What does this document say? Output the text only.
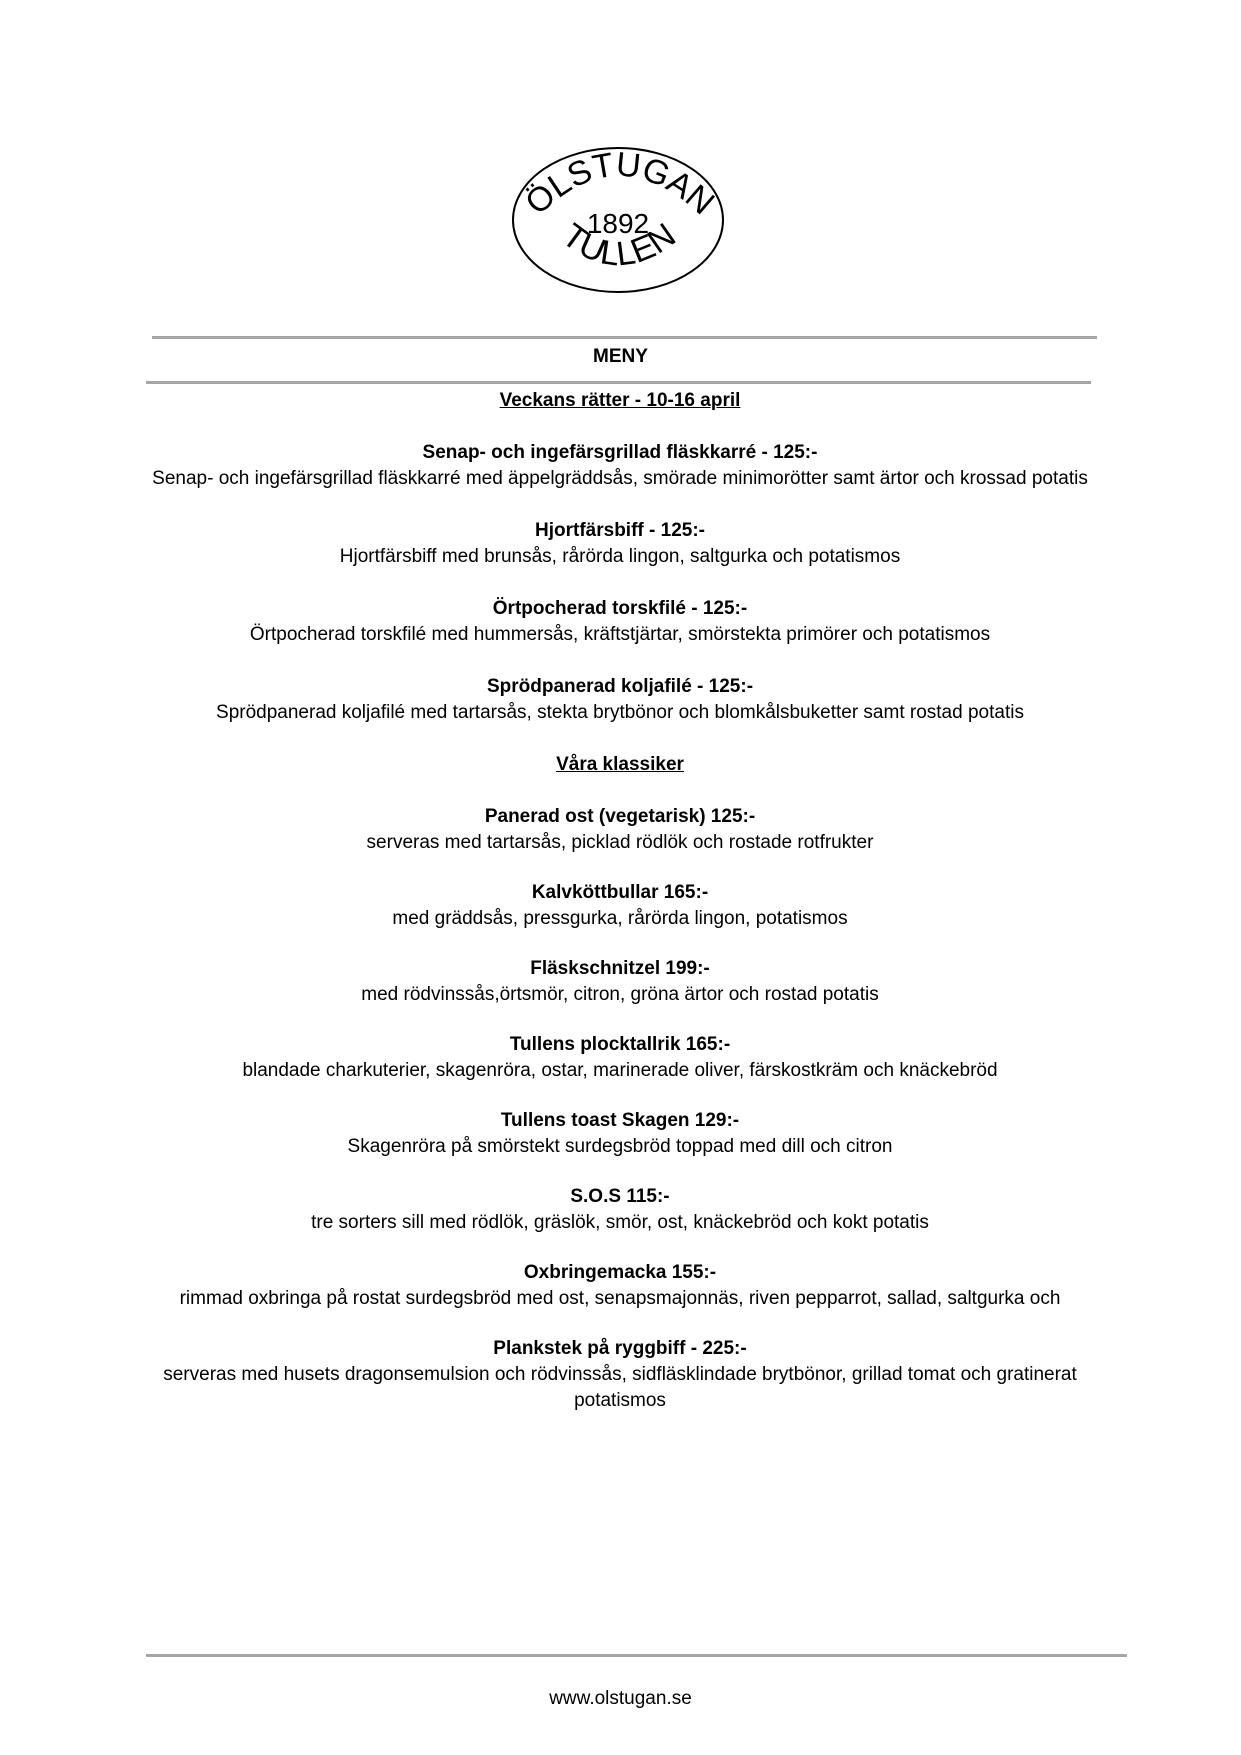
ÖLSTUGAN
1892
TULLEN
MENY
Veckans rätter - 10-16 april
Senap- och ingefärsgrillad fläskkarré - 125:-
Senap- och ingefärsgrillad fläskkarré med äppelgräddsås, smörade minimorötter samt ärtor och krossad potatis
Hjortfärsbiff - 125:-
Hjortfärsbiff med brunsås, rårörda lingon, saltgurka och potatismos
Örtpocherad torskfilé - 125:-
Örtpocherad torskfilé med hummersås, kräftstjärtar, smörstekta primörer och potatismos
Sprödpanerad koljafilé - 125:-
Sprödpanerad koljafilé med tartarsås, stekta brytbönor och blomkålsbuketter samt rostad potatis
Våra klassiker
Panerad ost (vegetarisk) 125:-
serveras med tartarsås, picklad rödlök och rostade rotfrukter
Kalvköttbullar 165:-
med gräddsås, pressgurka, rårörda lingon, potatismos
Fläskschnitzel 199:-
med rödvinssås,örtsmör, citron, gröna ärtor och rostad potatis
Tullens plocktallrik 165:-
blandade charkuterier, skagenröra, ostar, marinerade oliver, färskostkräm och knäckebröd
Tullens toast Skagen 129:-
Skagenröra på smörstekt surdegsbröd toppad med dill och citron
S.O.S 115:-
tre sorters sill med rödlök, gräslök, smör, ost, knäckebröd och kokt potatis
Oxbringemacka 155:-
rimmad oxbringa på rostat surdegsbröd med ost, senapsmajonnäs, riven pepparrot, sallad, saltgurka och
Plankstek på ryggbiff - 225:-
serveras med husets dragonsemulsion och rödvinssås, sidfläsklindade brytbönor, grillad tomat och gratinerat potatismos
www.olstugan.se
